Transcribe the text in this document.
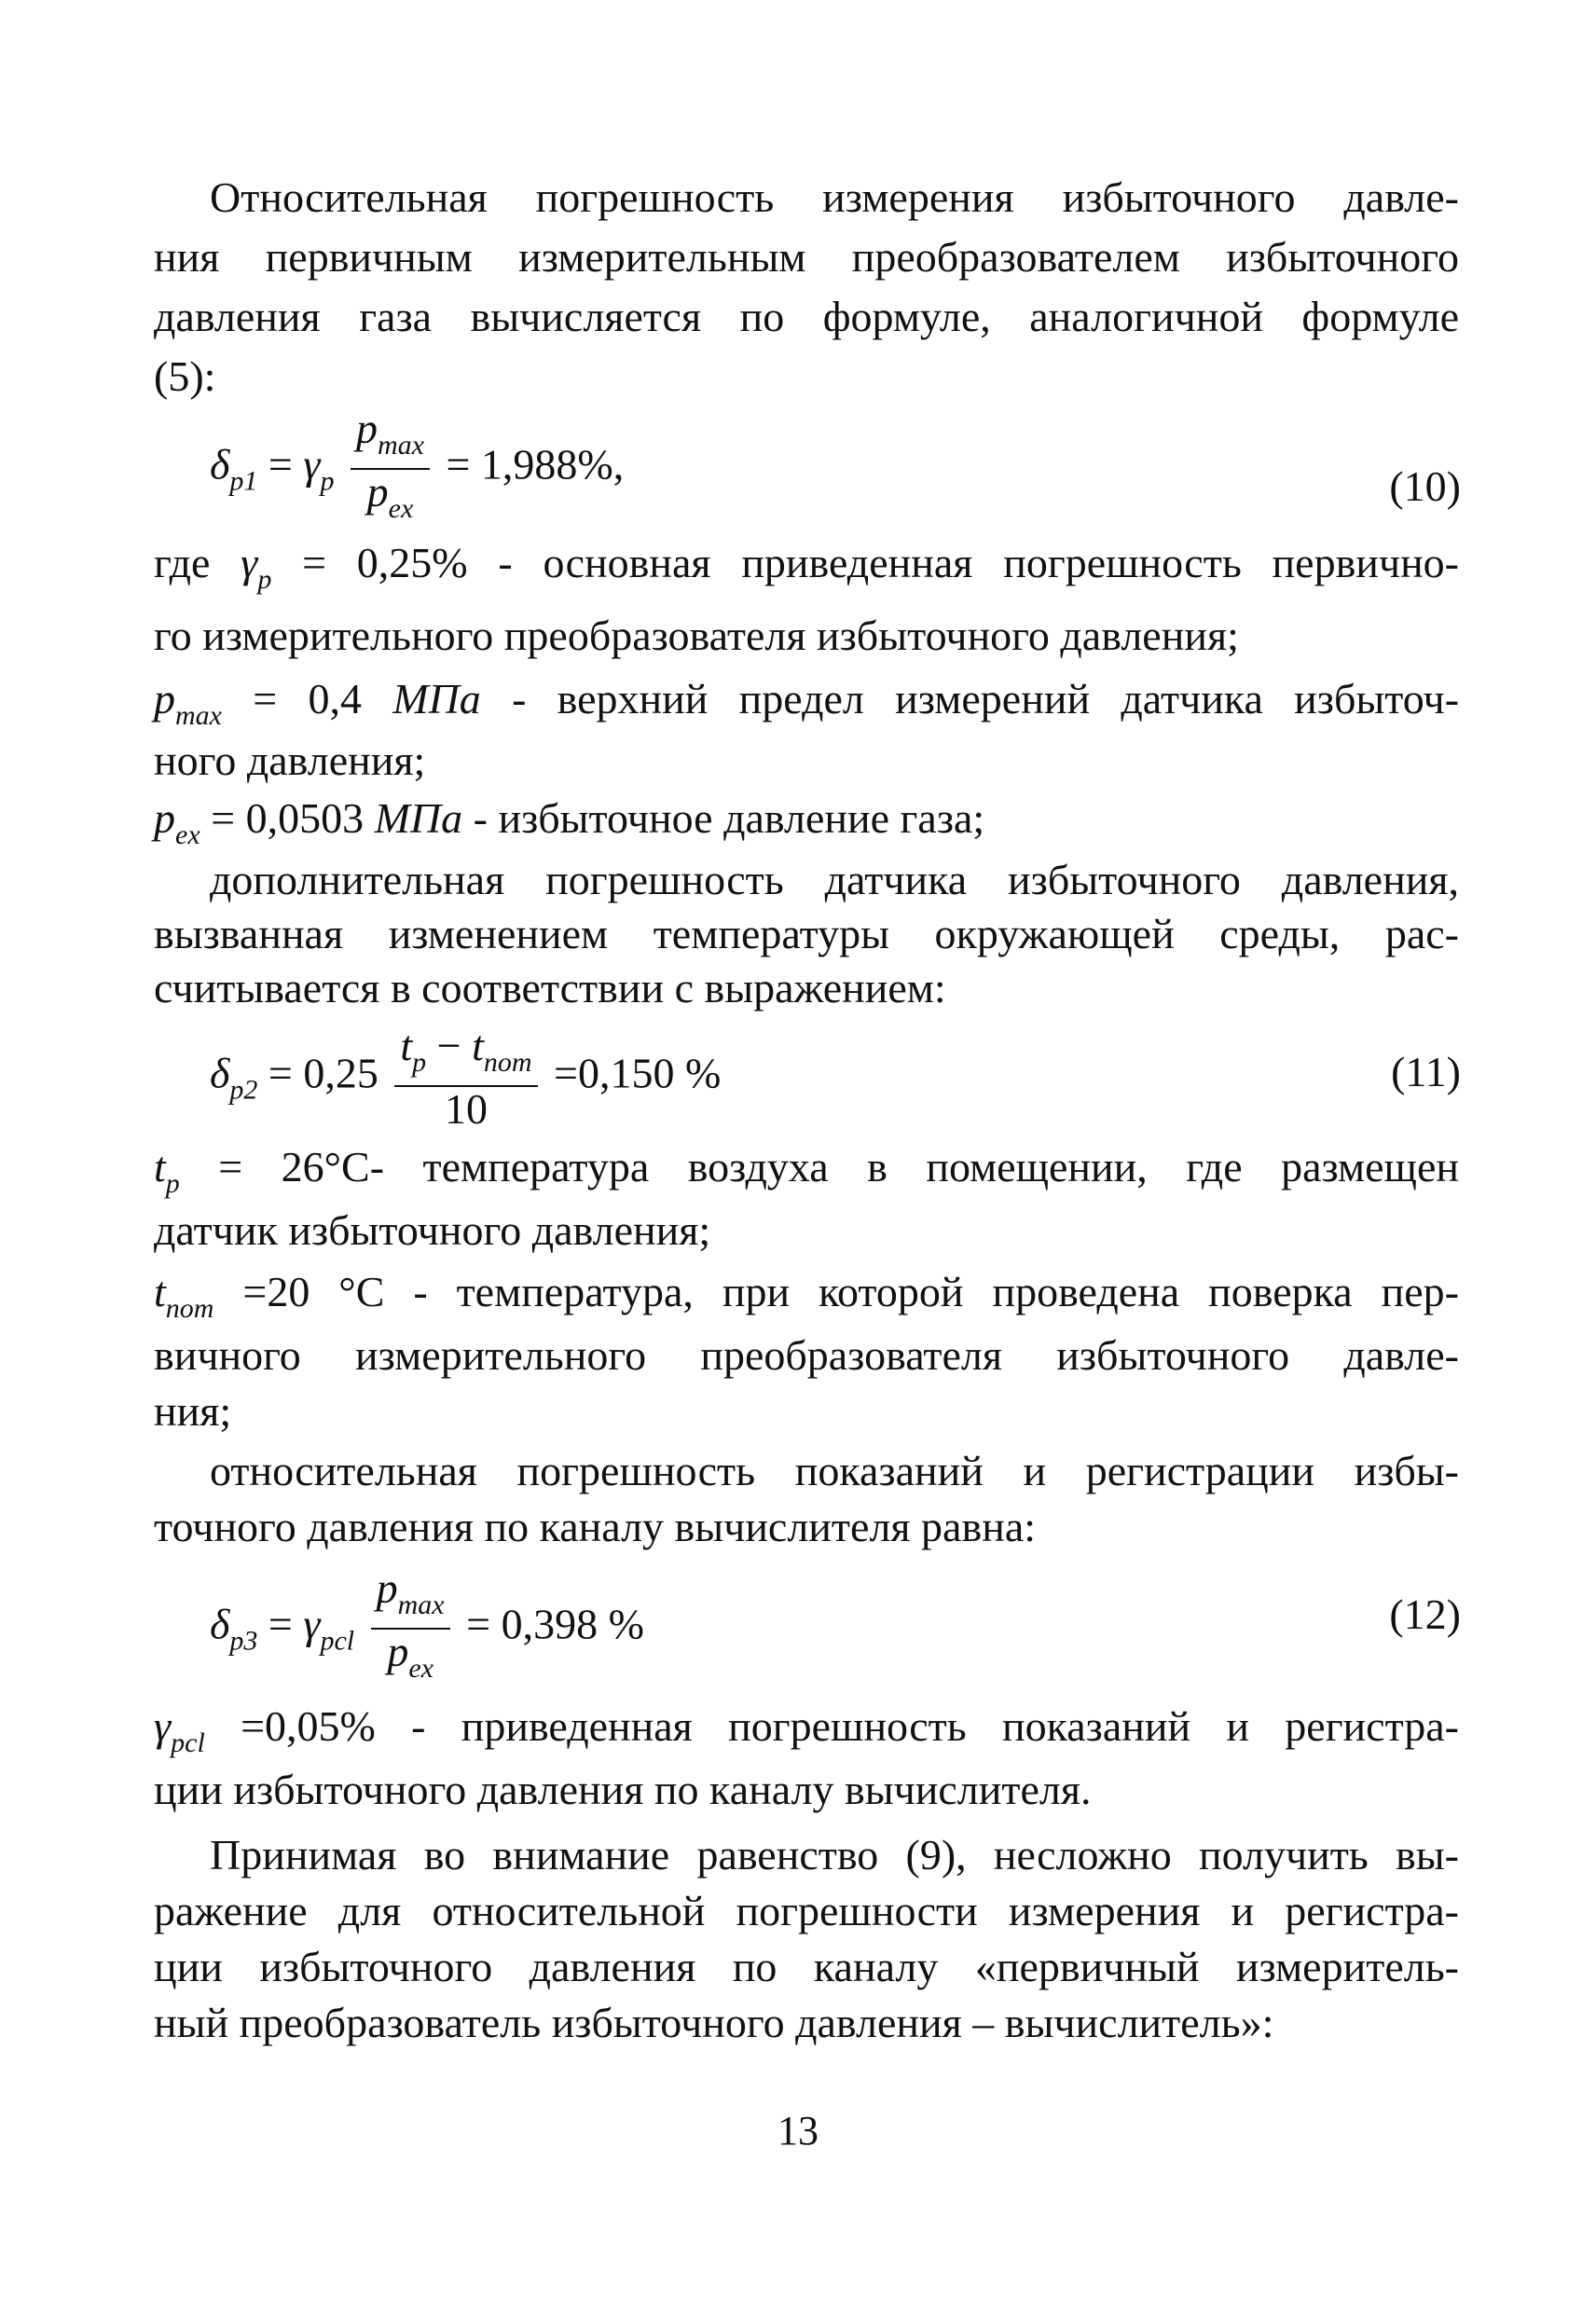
Относительная погрешность измерения избыточного давле-
ния первичным измерительным преобразователем избыточного
давления газа вычисляется по формуле, аналогичной формуле
(5):
$\delta_{p1} = \gamma_p \frac{p_{max}}{p_{ex}} = 1,988\%$,	(10)
где $\gamma_p = 0,25\%$ - основная приведенная погрешность первично-
го измерительного преобразователя избыточного давления;
$p_{max} = 0,4$ МПа - верхний предел измерений датчика избыточ-
ного давления;
$p_{ex} = 0,0503$ МПа - избыточное давление газа;
дополнительная погрешность датчика избыточного давления,
вызванная изменением температуры окружающей среды, рас-
считывается в соответствии с выражением:
$\delta_{p2} = 0,25 \frac{t_p - t_{nom}}{10} =0,150$ %	(11)
$t_p = 26^\circ C-$ температура воздуха в помещении, где размещен
датчик избыточного давления;
$t_{nom} =20$ °C - температура, при которой проведена поверка пер-
вичного измерительного преобразователя избыточного давле-
ния;
относительная погрешность показаний и регистрации избы-
точного давления по каналу вычислителя равна:
$\delta_{p3} = \gamma_{pcl} \frac{p_{max}}{p_{ex}} = 0,398$ %	(12)
$\gamma_{pcl} =0,05\%$ - приведенная погрешность показаний и регистра-
ции избыточного давления по каналу вычислителя.
Принимая во внимание равенство (9), несложно получить вы-
ражение для относительной погрешности измерения и регистра-
ции избыточного давления по каналу «первичный измеритель-
ный преобразователь избыточного давления – вычислитель»:
13
